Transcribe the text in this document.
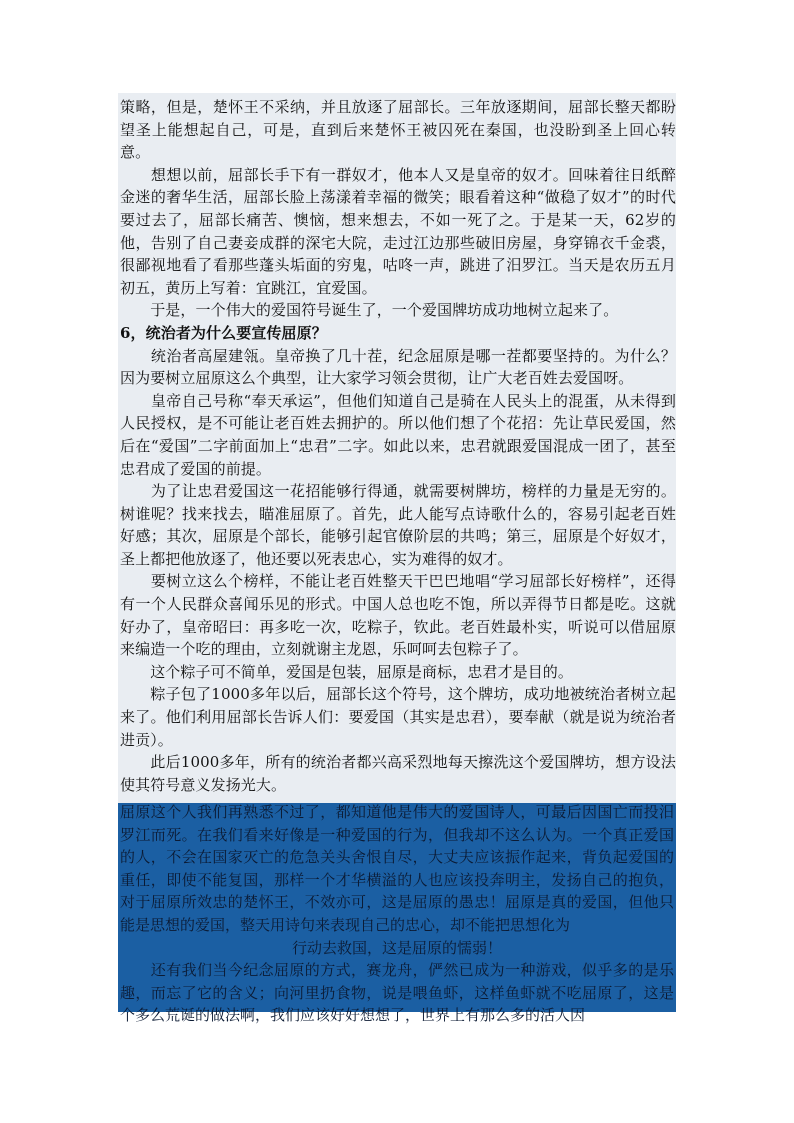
策略，但是，楚怀王不采纳，并且放逐了屈部长。三年放逐期间，屈部长整天都盼望圣上能想起自己，可是，直到后来楚怀王被囚死在秦国，也没盼到圣上回心转意。

　　想想以前，屈部长手下有一群奴才，他本人又是皇帝的奴才。回味着往日纸醉金迷的奢华生活，屈部长脸上荡漾着幸福的微笑；眼看着这种“做稳了奴才”的时代要过去了，屈部长痛苦、懊恼，想来想去，不如一死了之。于是某一天，62岁的他，告别了自己妻妾成群的深宅大院，走过江边那些破旧房屋，身穿锦衣千金裘，很鄙视地看了看那些蓬头垢面的穷鬼，咕咚一声，跳进了汨罗江。当天是农历五月初五，黄历上写着：宜跳江，宜爱国。

　　于是，一个伟大的爱国符号诞生了，一个爱国牌坊成功地树立起来了。

6，统治者为什么要宣传屈原？

　　统治者高屋建瓴。皇帝换了几十茬，纪念屈原是哪一茬都要坚持的。为什么？因为要树立屈原这么个典型，让大家学习领会贯彻，让广大老百姓去爱国呀。

　　皇帝自己号称“奉天承运”，但他们知道自己是骑在人民头上的混蛋，从未得到人民授权，是不可能让老百姓去拥护的。所以他们想了个花招：先让草民爱国，然后在“爱国”二字前面加上“忠君”二字。如此以来，忠君就跟爱国混成一团了，甚至忠君成了爱国的前提。

　　为了让忠君爱国这一花招能够行得通，就需要树牌坊，榜样的力量是无穷的。树谁呢？找来找去，瞄准屈原了。首先，此人能写点诗歌什么的，容易引起老百姓好感；其次，屈原是个部长，能够引起官僚阶层的共鸣；第三，屈原是个好奴才，圣上都把他放逐了，他还要以死表忠心，实为难得的奴才。

　　要树立这么个榜样，不能让老百姓整天干巴巴地唱“学习屈部长好榜样”，还得有一个人民群众喜闻乐见的形式。中国人总也吃不饱，所以弄得节日都是吃。这就好办了，皇帝昭曰：再多吃一次，吃粽子，钦此。老百姓最朴实，听说可以借屈原来编造一个吃的理由，立刻就谢主龙恩，乐呵呵去包粽子了。

　　这个粽子可不简单，爱国是包装，屈原是商标，忠君才是目的。

　　粽子包了1000多年以后，屈部长这个符号，这个牌坊，成功地被统治者树立起来了。他们利用屈部长告诉人们：要爱国（其实是忠君），要奉献（就是说为统治者进贡）。

　　此后1000多年，所有的统治者都兴高采烈地每天擦洗这个爱国牌坊，想方设法使其符号意义发扬光大。

屈原这个人我们再熟悉不过了，都知道他是伟大的爱国诗人，可最后因国亡而投汨罗江而死。在我们看来好像是一种爱国的行为，但我却不这么认为。一个真正爱国的人，不会在国家灭亡的危急关头舍恨自尽，大丈夫应该振作起来，背负起爱国的重任，即使不能复国，那样一个才华横溢的人也应该投奔明主，发扬自己的抱负，对于屈原所效忠的楚怀王，不效亦可，这是屈原的愚忠！屈原是真的爱国，但他只能是思想的爱国，整天用诗句来表现自己的忠心，却不能把思想化为

行动去救国，这是屈原的懦弱！

　　还有我们当今纪念屈原的方式，赛龙舟，俨然已成为一种游戏，似乎多的是乐趣，而忘了它的含义；向河里扔食物，说是喂鱼虾，这样鱼虾就不吃屈原了，这是个多么荒诞的做法啊，我们应该好好想想了，世界上有那么多的活人因
